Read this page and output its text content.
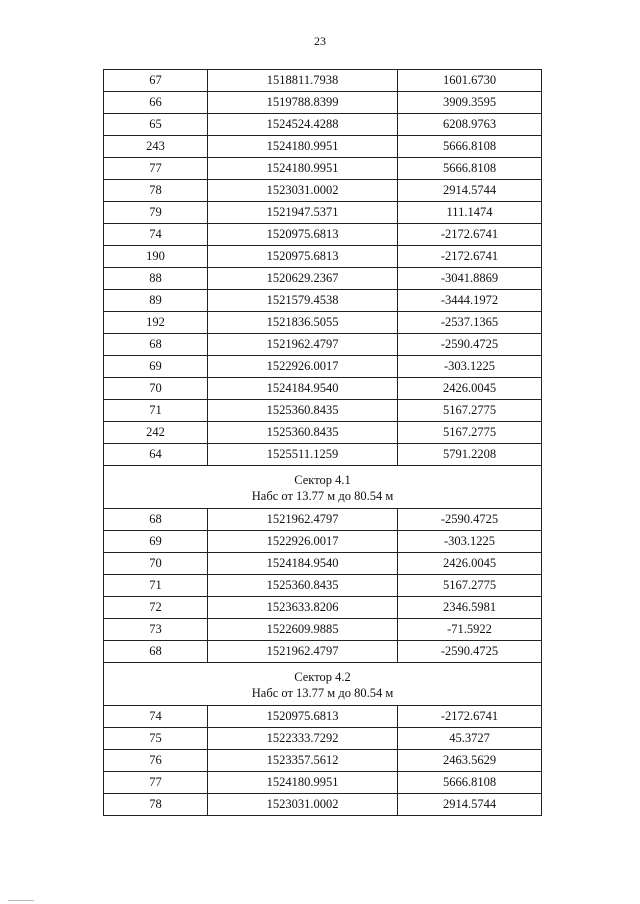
23
67	1518811.7938	1601.6730
66	1519788.8399	3909.3595
65	1524524.4288	6208.9763
243	1524180.9951	5666.8108
77	1524180.9951	5666.8108
78	1523031.0002	2914.5744
79	1521947.5371	111.1474
74	1520975.6813	-2172.6741
190	1520975.6813	-2172.6741
88	1520629.2367	-3041.8869
89	1521579.4538	-3444.1972
192	1521836.5055	-2537.1365
68	1521962.4797	-2590.4725
69	1522926.0017	-303.1225
70	1524184.9540	2426.0045
71	1525360.8435	5167.2775
242	1525360.8435	5167.2775
64	1525511.1259	5791.2208

Сектор 4.1
Набс от 13.77 м до 80.54 м		

68	1521962.4797	-2590.4725
69	1522926.0017	-303.1225
70	1524184.9540	2426.0045
71	1525360.8435	5167.2775
72	1523633.8206	2346.5981
73	1522609.9885	-71.5922
68	1521962.4797	-2590.4725

Сектор 4.2
Набс от 13.77 м до 80.54 м		

74	1520975.6813	-2172.6741
75	1522333.7292	45.3727
76	1523357.5612	2463.5629
77	1524180.9951	5666.8108
78	1523031.0002	2914.5744
